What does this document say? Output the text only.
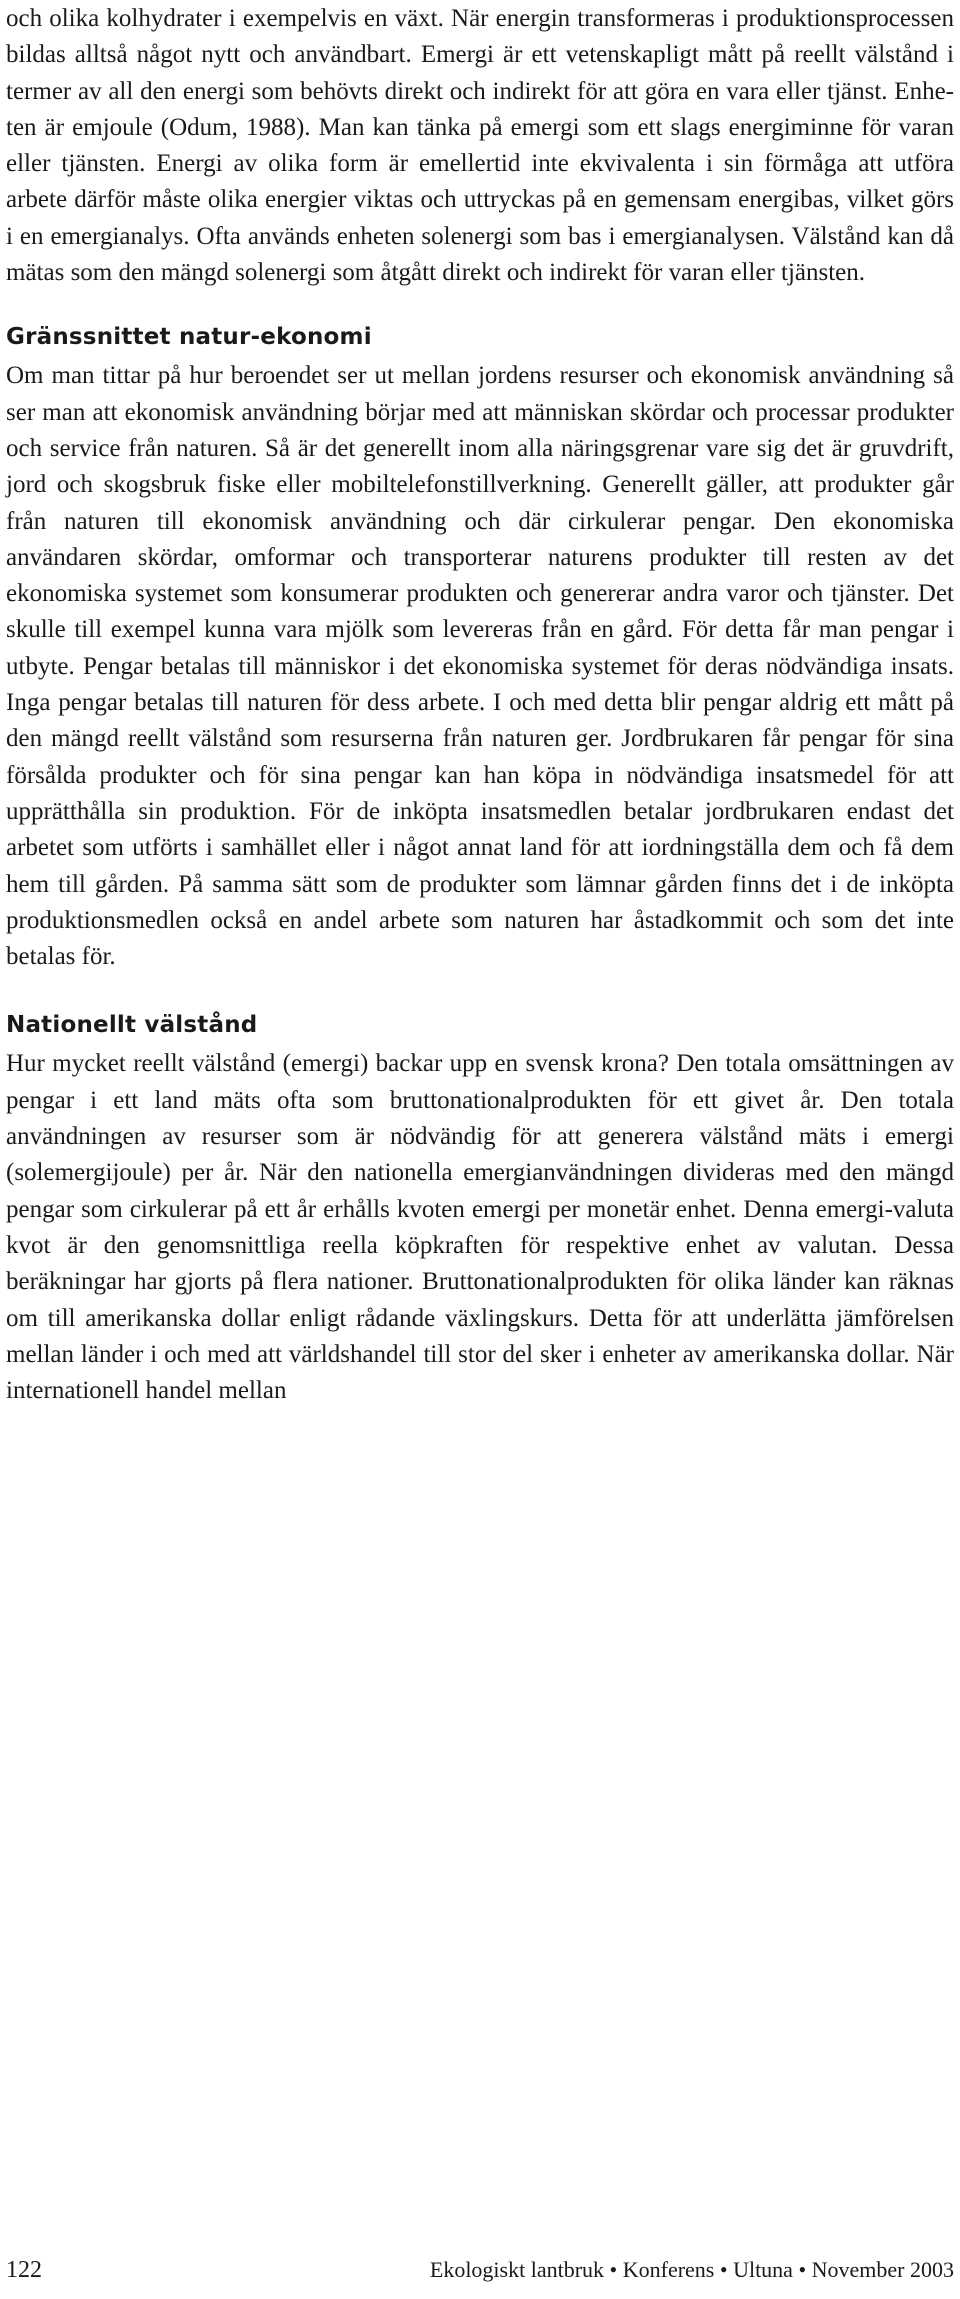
och olika kolhydrater i exempelvis en växt. När energin transformeras i produktionsprocessen bildas alltså något nytt och användbart. Emergi är ett vetenskapligt mått på reellt välstånd i termer av all den energi som behövts direkt och indirekt för att göra en vara eller tjänst. Enheten är emjoule (Odum, 1988). Man kan tänka på emergi som ett slags energiminne för varan eller tjänsten. Energi av olika form är emellertid inte ekvivalenta i sin förmåga att utföra arbete därför måste olika energier viktas och uttryckas på en gemensam energibas, vilket görs i en emergianalys. Ofta används enheten solenergi som bas i emergianalysen. Välstånd kan då mätas som den mängd solenergi som åtgått direkt och indirekt för varan eller tjänsten.

Gränssnittet natur-ekonomi

Om man tittar på hur beroendet ser ut mellan jordens resurser och ekonomisk användning så ser man att ekonomisk användning börjar med att människan skördar och processar produkter och service från naturen. Så är det generellt inom alla näringsgrenar vare sig det är gruvdrift, jord och skogsbruk fiske eller mobiltelefonstillverkning. Generellt gäller, att produkter går från naturen till ekonomisk användning och där cirkulerar pengar. Den ekonomiska användaren skördar, omformar och transporterar naturens produkter till resten av det ekonomiska systemet som konsumerar produkten och genererar andra varor och tjänster. Det skulle till exempel kunna vara mjölk som levereras från en gård. För detta får man pengar i utbyte. Pengar betalas till människor i det ekonomiska systemet för deras nödvändiga insats. Inga pengar betalas till naturen för dess arbete. I och med detta blir pengar aldrig ett mått på den mängd reellt välstånd som resurserna från naturen ger. Jordbrukaren får pengar för sina försålda produkter och för sina pengar kan han köpa in nödvändiga insatsmedel för att upprätthålla sin produktion. För de inköpta insatsmedlen betalar jordbrukaren endast det arbetet som utförts i samhället eller i något annat land för att iordningställa dem och få dem hem till gården. På samma sätt som de produkter som lämnar gården finns det i de inköpta produktionsmedlen också en andel arbete som naturen har åstadkommit och som det inte betalas för.

Nationellt välstånd

Hur mycket reellt välstånd (emergi) backar upp en svensk krona? Den totala omsättningen av pengar i ett land mäts ofta som bruttonationalprodukten för ett givet år. Den totala användningen av resurser som är nödvändig för att generera välstånd mäts i emergi (solemergijoule) per år. När den nationella emergianvändningen divideras med den mängd pengar som cirkulerar på ett år erhålls kvoten emergi per monetär enhet. Denna emergi-valuta kvot är den genomsnittliga reella köpkraften för respektive enhet av valutan. Dessa beräkningar har gjorts på flera nationer. Bruttonationalprodukten för olika länder kan räknas om till amerikanska dollar enligt rådande växlingskurs. Detta för att underlätta jämförelsen mellan länder i och med att världshandel till stor del sker i enheter av amerikanska dollar. När internationell handel mellan

122	Ekologiskt lantbruk • Konferens • Ultuna • November 2003
